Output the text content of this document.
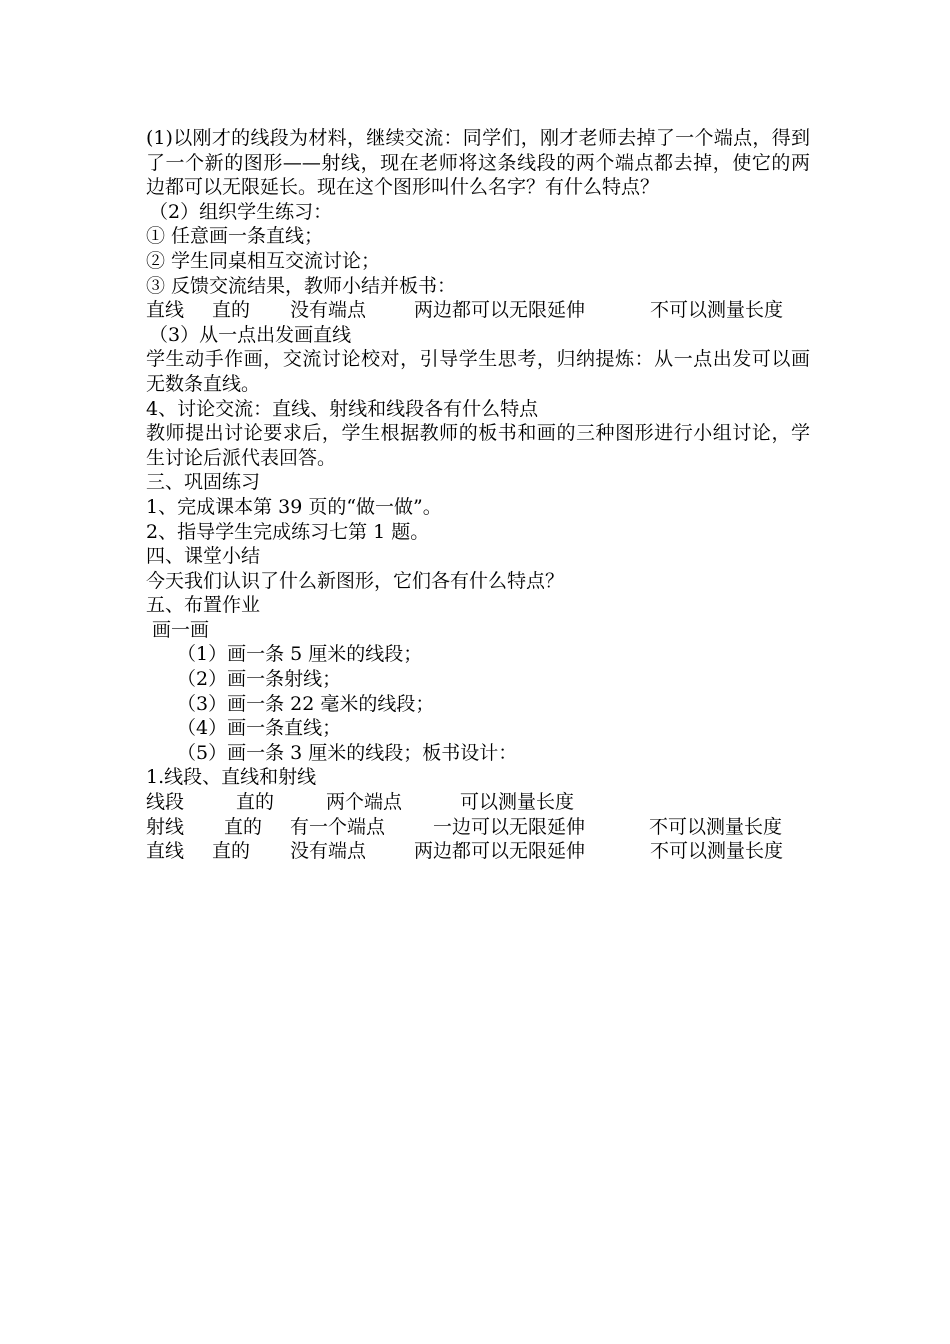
(1)以刚才的线段为材料，继续交流：同学们，刚才老师去掉了一个端点，得到了一个新的图形——射线，现在老师将这条线段的两个端点都去掉，使它的两边都可以无限延长。现在这个图形叫什么名字？有什么特点？
（2）组织学生练习：
① 任意画一条直线；
② 学生同桌相互交流讨论；
③ 反馈交流结果，教师小结并板书：
直线	直的	没有端点	两边都可以无限延伸	不可以测量长度
（3）从一点出发画直线
学生动手作画，交流讨论校对，引导学生思考，归纳提炼：从一点出发可以画无数条直线。
4、讨论交流：直线、射线和线段各有什么特点
教师提出讨论要求后，学生根据教师的板书和画的三种图形进行小组讨论，学生讨论后派代表回答。
三、巩固练习
1、完成课本第 39 页的“做一做”。
2、指导学生完成练习七第 1 题。
四、课堂小结
今天我们认识了什么新图形，它们各有什么特点？
五、布置作业
画一画
（1）画一条 5 厘米的线段；
（2）画一条射线；
（3）画一条 22 毫米的线段；
（4）画一条直线；
（5）画一条 3 厘米的线段；板书设计：
1.线段、直线和射线
线段	直的	两个端点	可以测量长度
射线	直的	有一个端点	一边可以无限延伸	不可以测量长度
直线	直的	没有端点	两边都可以无限延伸	不可以测量长度
